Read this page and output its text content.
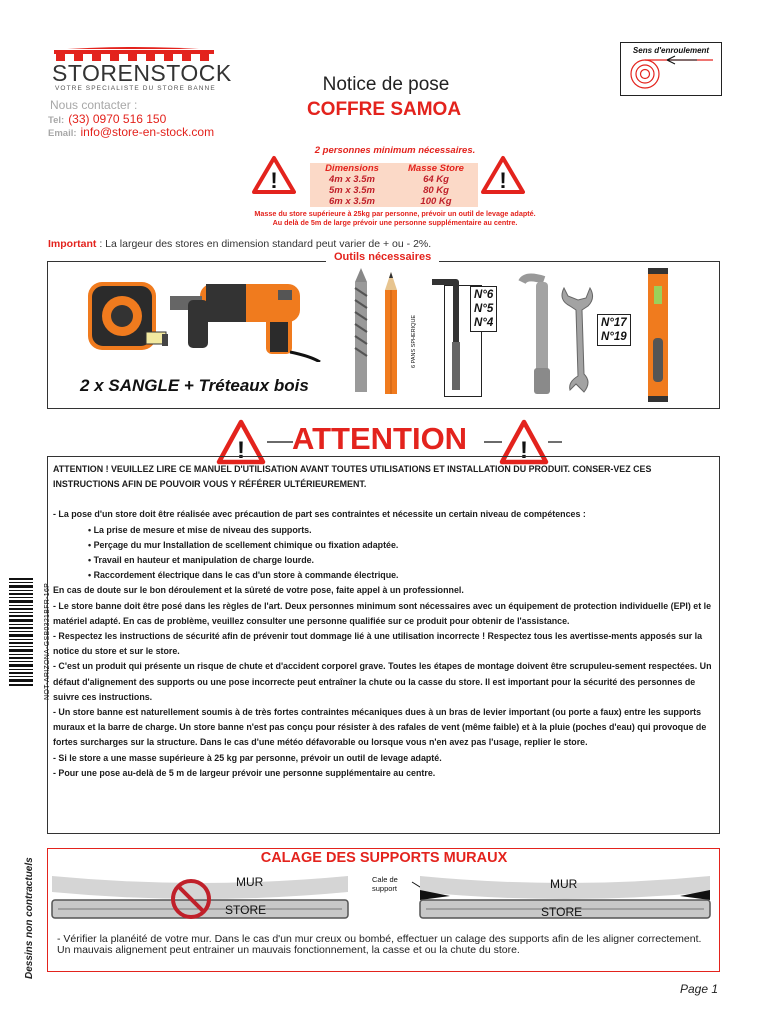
STORENSTOCK
VOTRE SPECIALISTE DU STORE BANNE
Nous contacter :
Tel: (33) 0970 516 150
Email: info@store-en-stock.com
Notice de pose
COFFRE SAMOA
Sens d'enroulement
2 personnes minimum nécessaires.
!	!
Dimensions	Masse Store
4m x 3.5m	64 Kg
5m x 3.5m	80 Kg
6m x 3.5m	100 Kg
Masse du store supérieure à 25kg par personne, prévoir un outil de levage adapté.
Au delà de 5m de large prévoir une personne supplémentaire au centre.
Important : La largeur des stores en dimension standard peut varier de + ou - 2%.
Outils nécessaires
2 x SANGLE + Tréteaux bois
6 PANS SPHERIQUE
N°6
N°5
N°4	N°17
N°19
! ATTENTION !

ATTENTION ! VEUILLEZ LIRE CE MANUEL D'UTILISATION AVANT TOUTES UTILISATIONS ET INSTALLATION DU PRODUIT. CONSER-VEZ CES INSTRUCTIONS AFIN DE POUVOIR VOUS Y RÉFÉRER ULTÉRIEUREMENT.

- La pose d'un store doit être réalisée avec précaution de part ses contraintes et nécessite un certain niveau de compétences :

• La prise de mesure et mise de niveau des supports.

• Perçage du mur Installation de scellement chimique ou fixation adaptée.

• Travail en hauteur et manipulation de charge lourde.

• Raccordement électrique dans le cas d'un store à commande électrique.

En cas de doute sur le bon déroulement et la sûreté de votre pose, faite appel à un professionnel.

- Le store banne doit être posé dans les règles de l'art. Deux personnes minimum sont nécessaires avec un équipement de protection individuelle (EPI) et le matériel adapté. En cas de problème, veuillez consulter une personne qualifiée sur ce produit pour obtenir de l'assistance.

- Respectez les instructions de sécurité afin de prévenir tout dommage lié à une utilisation incorrecte ! Respectez tous les avertisse-ments apposés sur la notice du store et sur le store.

- C'est un produit qui présente un risque de chute et d'accident corporel grave. Toutes les étapes de montage doivent être scrupuleu-sement respectées. Un défaut d'alignement des supports ou une pose incorrecte peut entraîner la chute ou la casse du store. Il est important pour la sécurité des personnes de suivre ces instructions.

- Un store banne est naturellement soumis à de très fortes contraintes mécaniques dues à un bras de levier important (ou porte a faux) entre les supports muraux et la barre de charge. Un store banne n'est pas conçu pour résister à des rafales de vent (même faible) et à la pluie (poches d'eau) qui provoque de fortes surcharges sur la structure. Dans le cas d'une météo défavorable ou lorsque vous n'en avez pas l'usage, replier le store.

- Si le store a une masse supérieure à 25 kg par personne, prévoir un outil de levage adapté.

- Pour une pose au-delà de 5 m de largeur prévoir une personne supplémentaire au centre.

NOT-ARIZONA-GSB0321BFR-16P
CALAGE DES SUPPORTS MURAUX
MUR
STORE
Cale de
support	MUR
STORE
- Vérifier la planéité de votre mur. Dans le cas d'un mur creux ou bombé, effectuer un calage des supports afin de les aligner correctement. Un mauvais alignement peut entrainer un mauvais fonctionnement, la casse et ou la chute du store.
Dessins non contractuels
Page 1
